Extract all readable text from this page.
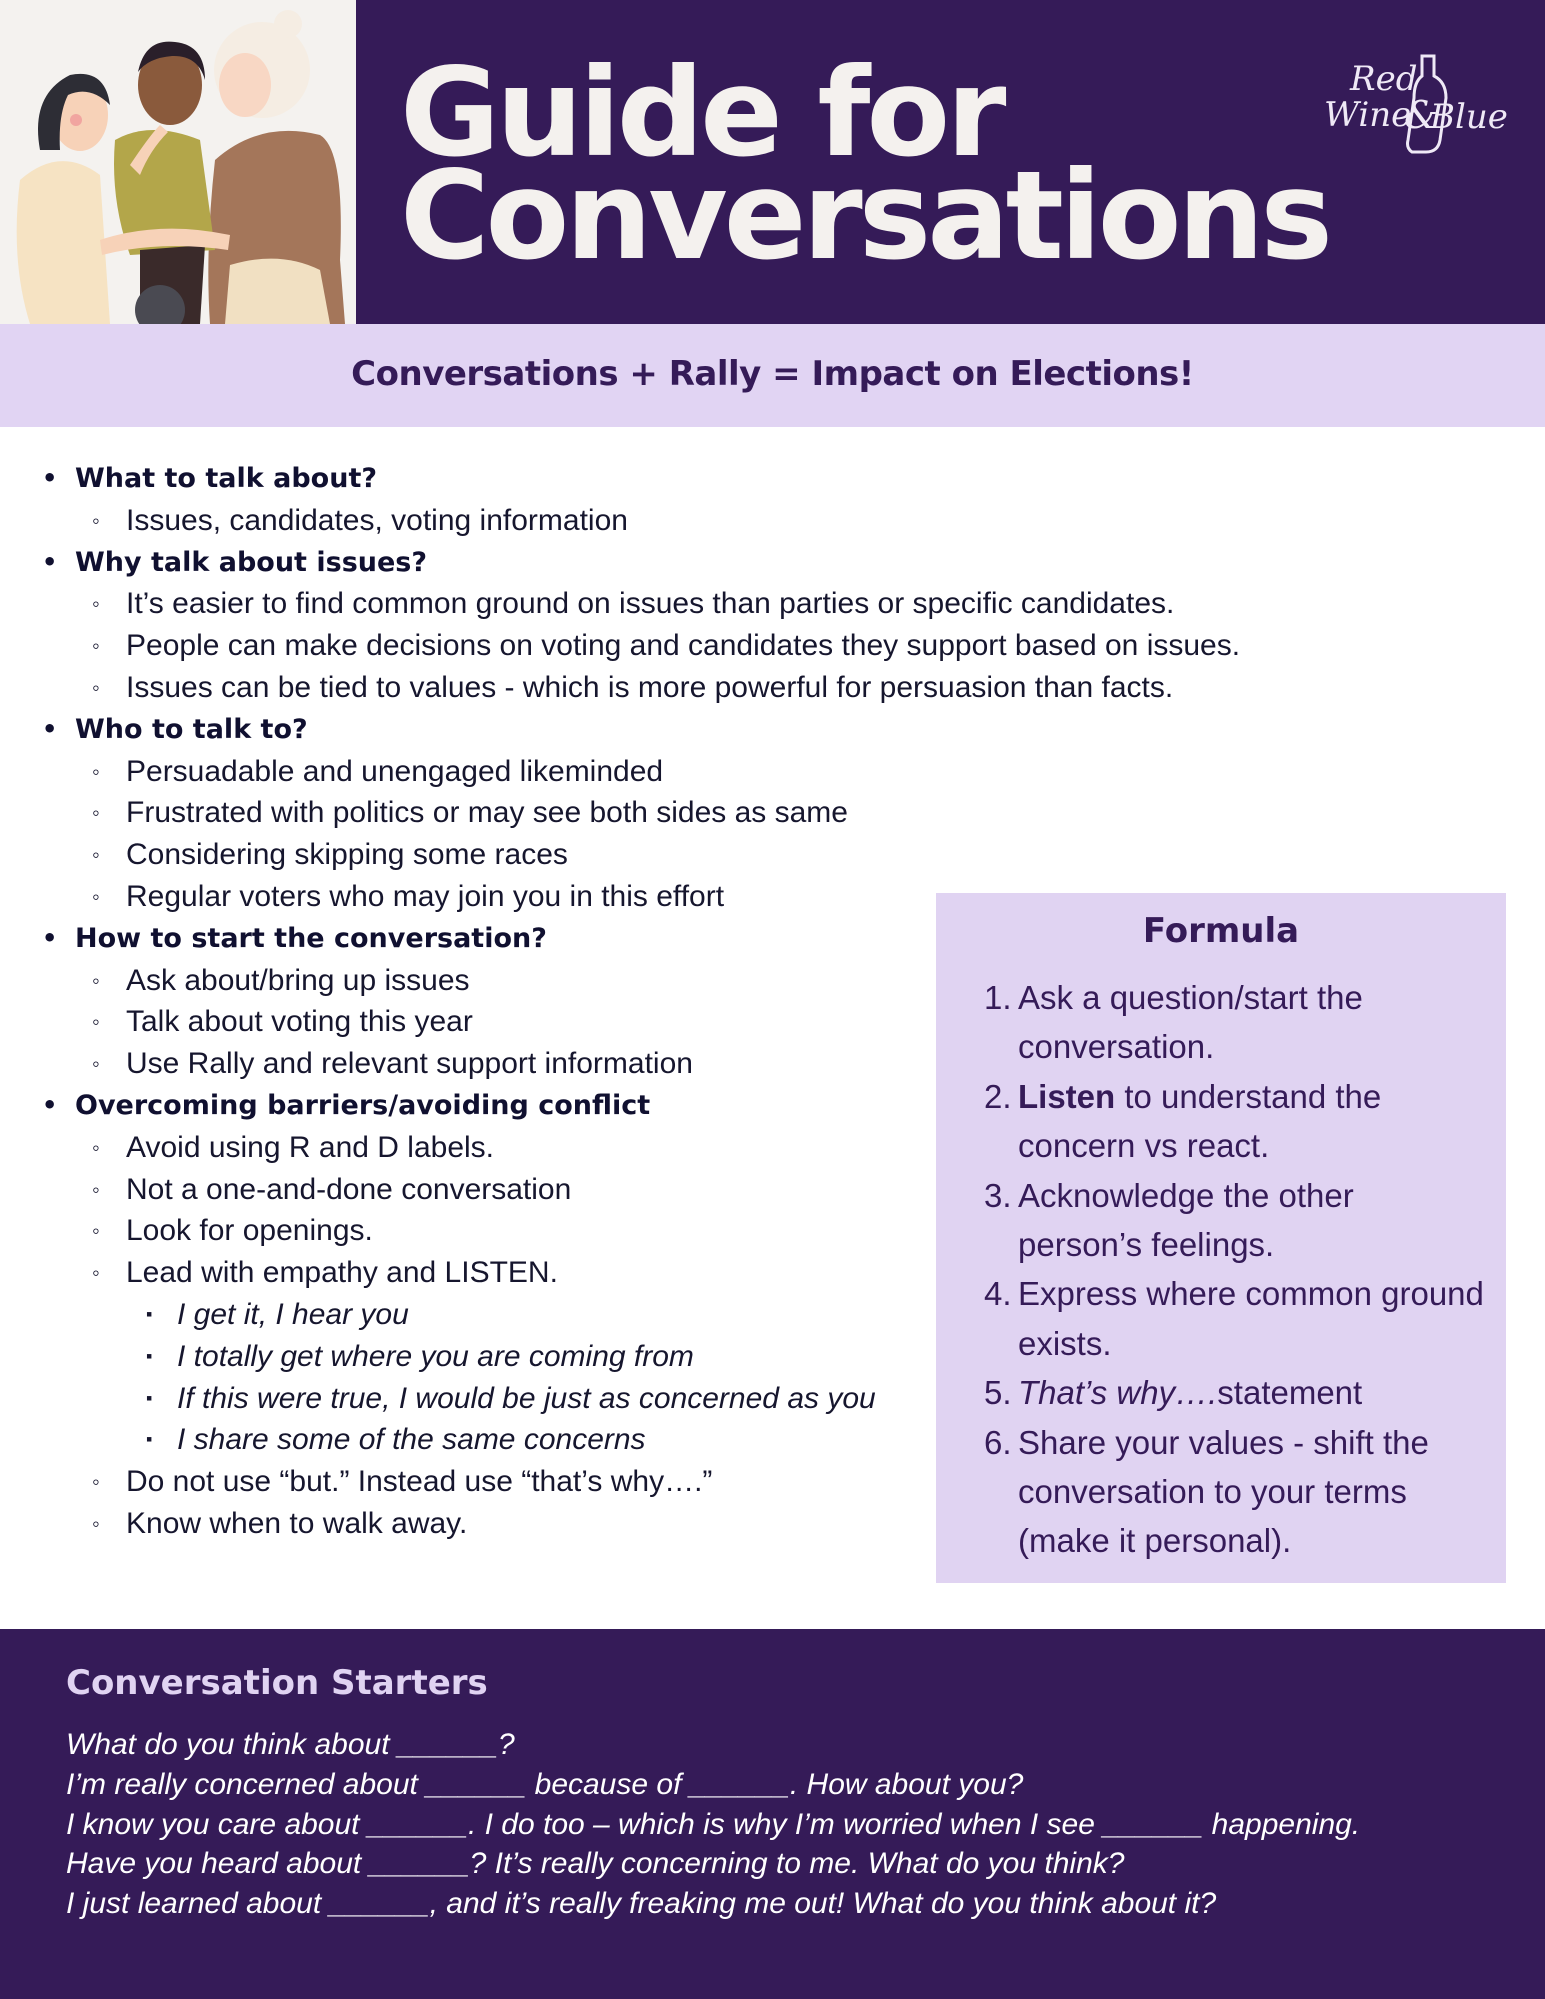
Guide for
Conversations
Red
Wine
&
Blue
Conversations + Rally = Impact on Elections!
• What to talk about?
◦ Issues, candidates, voting information
• Why talk about issues?
◦ It’s easier to find common ground on issues than parties or specific candidates.
◦ People can make decisions on voting and candidates they support based on issues.
◦ Issues can be tied to values - which is more powerful for persuasion than facts.
• Who to talk to?
◦ Persuadable and unengaged likeminded
◦ Frustrated with politics or may see both sides as same
◦ Considering skipping some races
◦ Regular voters who may join you in this effort
• How to start the conversation?
◦ Ask about/bring up issues
◦ Talk about voting this year
◦ Use Rally and relevant support information
• Overcoming barriers/avoiding conflict
◦ Avoid using R and D labels.
◦ Not a one-and-done conversation
◦ Look for openings.
◦ Lead with empathy and LISTEN.
▪ I get it, I hear you
▪ I totally get where you are coming from
▪ If this were true, I would be just as concerned as you
▪ I share some of the same concerns
◦ Do not use “but.” Instead use “that’s why….”
◦ Know when to walk away.
Formula
1. Ask a question/start the conversation.
2. Listen to understand the concern vs react.
3. Acknowledge the other person’s feelings.
4. Express where common ground exists.
5. That’s why….statement
6. Share your values - shift the conversation to your terms (make it personal).
Conversation Starters
What do you think about ______?
I’m really concerned about ______ because of ______. How about you?
I know you care about ______. I do too – which is why I’m worried when I see ______ happening.
Have you heard about ______? It’s really concerning to me. What do you think?
I just learned about ______, and it’s really freaking me out! What do you think about it?
